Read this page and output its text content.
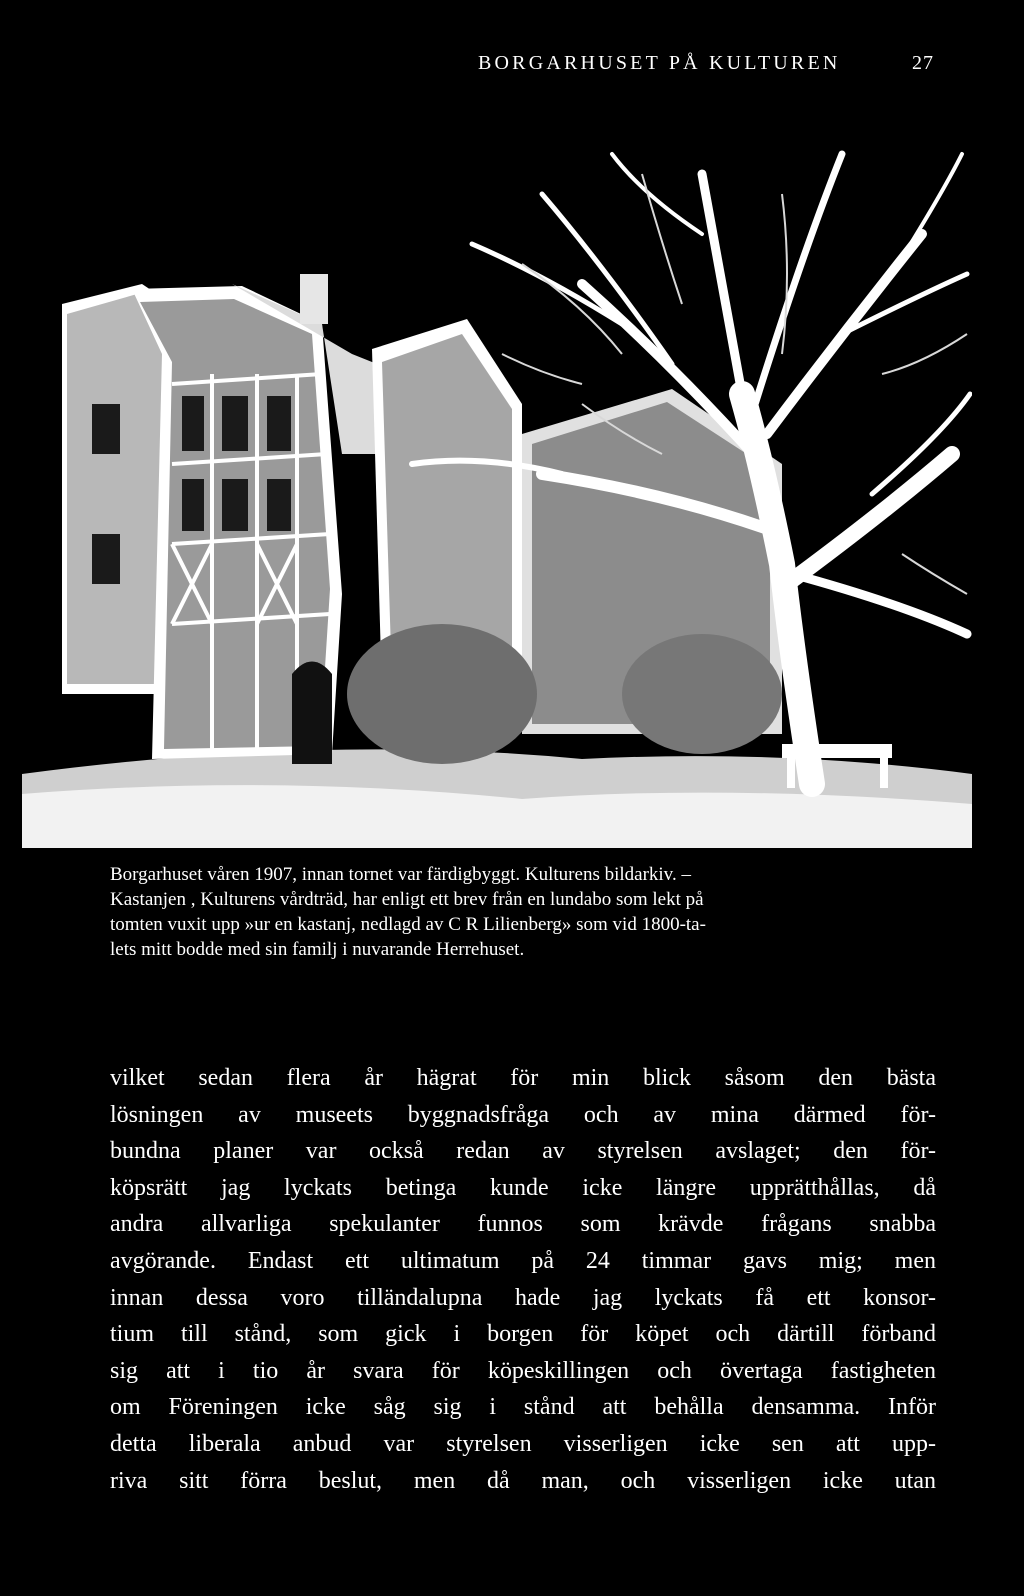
BORGARHUSET PÅ KULTUREN	27
Borgarhuset våren 1907, innan tornet var färdigbyggt. Kulturens bildarkiv. –
Kastanjen , Kulturens vårdträd, har enligt ett brev från en lundabo som lekt på
tomten vuxit upp »ur en kastanj, nedlagd av C R Lilienberg» som vid 1800-ta-
lets mitt bodde med sin familj i nuvarande Herrehuset.
vilket sedan flera år hägrat för min blick såsom den bästa
lösningen av museets byggnadsfråga och av mina därmed för-
bundna planer var också redan av styrelsen avslaget; den för-
köpsrätt jag lyckats betinga kunde icke längre upprätthållas, då
andra allvarliga spekulanter funnos som krävde frågans snabba
avgörande. Endast ett ultimatum på 24 timmar gavs mig; men
innan dessa voro tilländalupna hade jag lyckats få ett konsor-
tium till stånd, som gick i borgen för köpet och därtill förband
sig att i tio år svara för köpeskillingen och övertaga fastigheten
om Föreningen icke såg sig i stånd att behålla densamma. Inför
detta liberala anbud var styrelsen visserligen icke sen att upp-
riva sitt förra beslut, men då man, och visserligen icke utan
